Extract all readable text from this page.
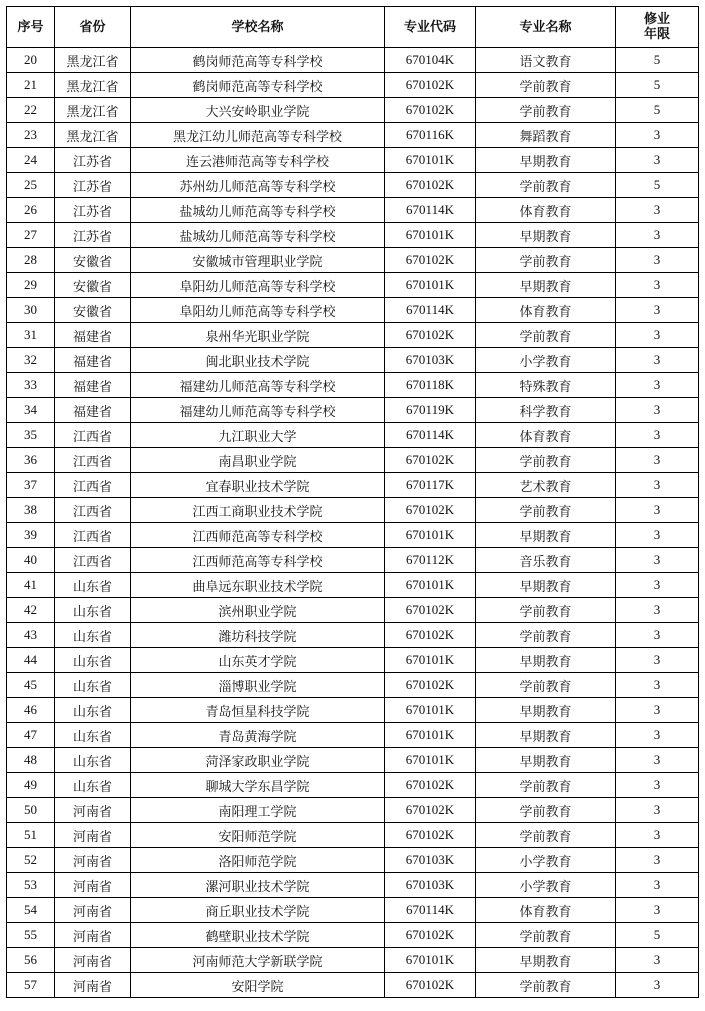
序号	省份	学校名称	专业代码	专业名称	修业
年限
20	黑龙江省	鹤岗师范高等专科学校	670104K	语文教育	5
21	黑龙江省	鹤岗师范高等专科学校	670102K	学前教育	5
22	黑龙江省	大兴安岭职业学院	670102K	学前教育	5
23	黑龙江省	黑龙江幼儿师范高等专科学校	670116K	舞蹈教育	3
24	江苏省	连云港师范高等专科学校	670101K	早期教育	3
25	江苏省	苏州幼儿师范高等专科学校	670102K	学前教育	5
26	江苏省	盐城幼儿师范高等专科学校	670114K	体育教育	3
27	江苏省	盐城幼儿师范高等专科学校	670101K	早期教育	3
28	安徽省	安徽城市管理职业学院	670102K	学前教育	3
29	安徽省	阜阳幼儿师范高等专科学校	670101K	早期教育	3
30	安徽省	阜阳幼儿师范高等专科学校	670114K	体育教育	3
31	福建省	泉州华光职业学院	670102K	学前教育	3
32	福建省	闽北职业技术学院	670103K	小学教育	3
33	福建省	福建幼儿师范高等专科学校	670118K	特殊教育	3
34	福建省	福建幼儿师范高等专科学校	670119K	科学教育	3
35	江西省	九江职业大学	670114K	体育教育	3
36	江西省	南昌职业学院	670102K	学前教育	3
37	江西省	宜春职业技术学院	670117K	艺术教育	3
38	江西省	江西工商职业技术学院	670102K	学前教育	3
39	江西省	江西师范高等专科学校	670101K	早期教育	3
40	江西省	江西师范高等专科学校	670112K	音乐教育	3
41	山东省	曲阜远东职业技术学院	670101K	早期教育	3
42	山东省	滨州职业学院	670102K	学前教育	3
43	山东省	潍坊科技学院	670102K	学前教育	3
44	山东省	山东英才学院	670101K	早期教育	3
45	山东省	淄博职业学院	670102K	学前教育	3
46	山东省	青岛恒星科技学院	670101K	早期教育	3
47	山东省	青岛黄海学院	670101K	早期教育	3
48	山东省	菏泽家政职业学院	670101K	早期教育	3
49	山东省	聊城大学东昌学院	670102K	学前教育	3
50	河南省	南阳理工学院	670102K	学前教育	3
51	河南省	安阳师范学院	670102K	学前教育	3
52	河南省	洛阳师范学院	670103K	小学教育	3
53	河南省	漯河职业技术学院	670103K	小学教育	3
54	河南省	商丘职业技术学院	670114K	体育教育	3
55	河南省	鹤壁职业技术学院	670102K	学前教育	5
56	河南省	河南师范大学新联学院	670101K	早期教育	3
57	河南省	安阳学院	670102K	学前教育	3
